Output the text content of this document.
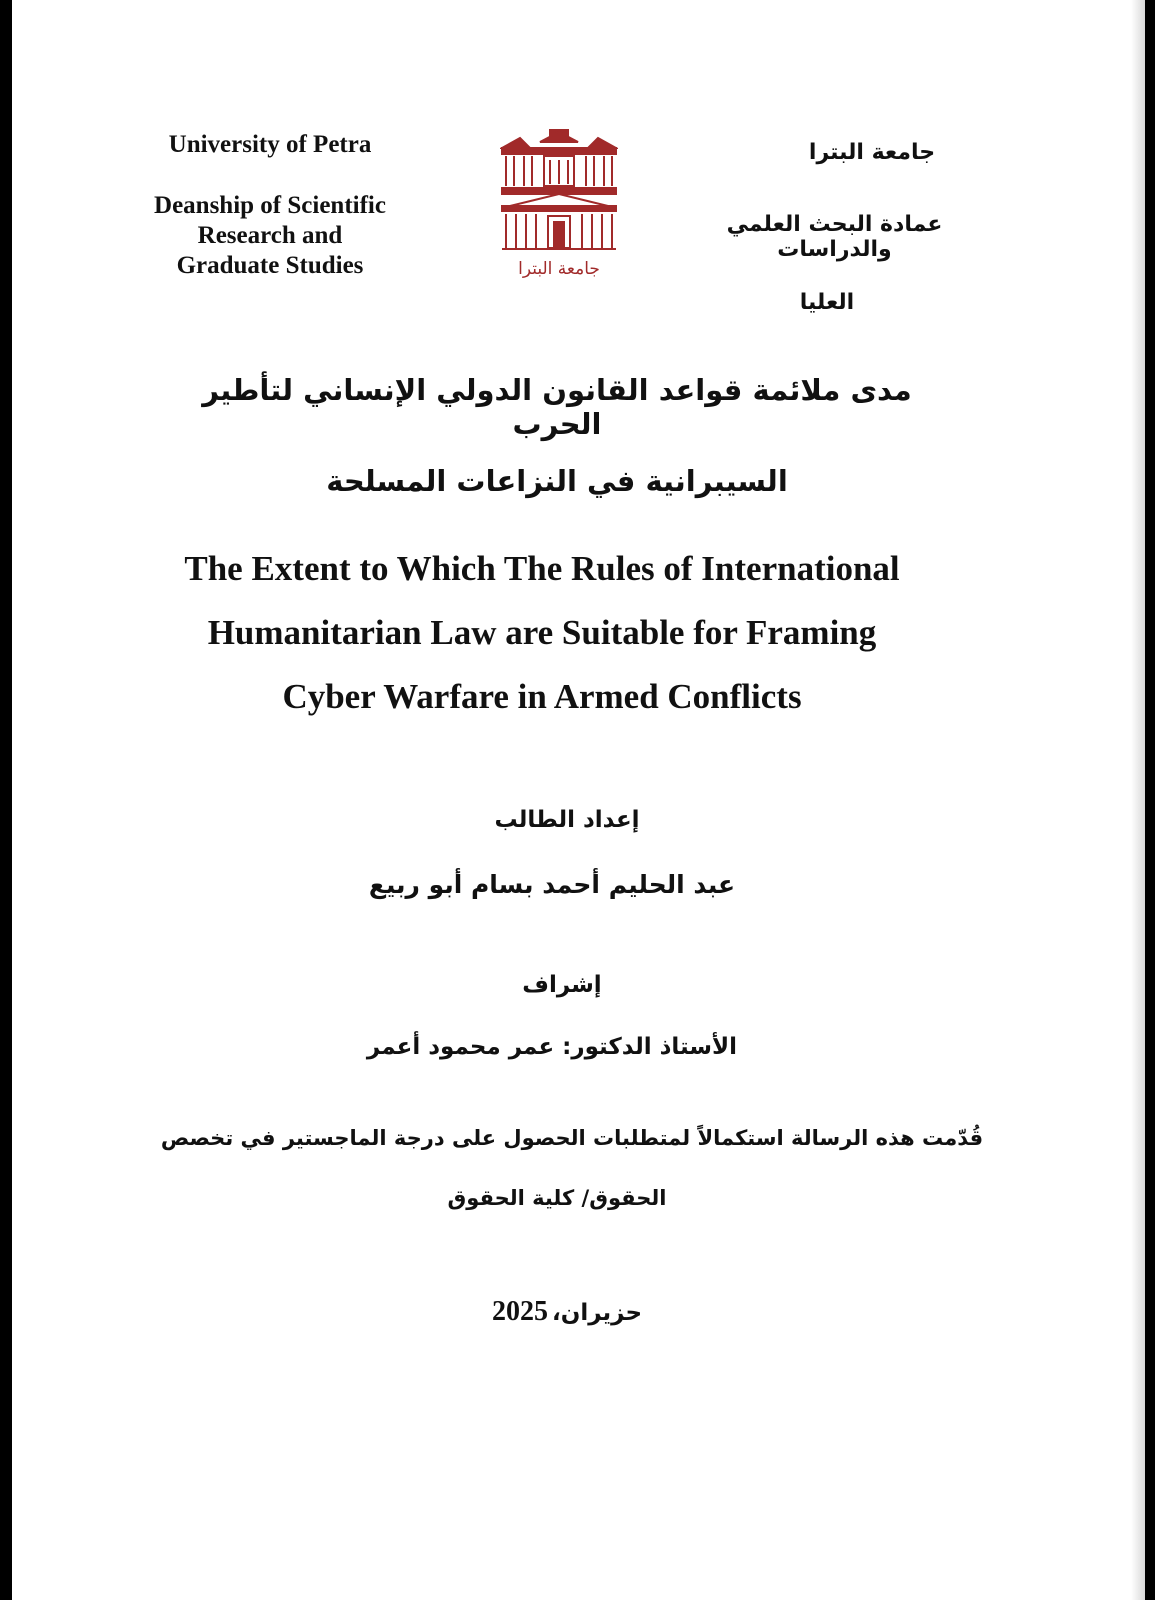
University of Petra
Deanship of Scientific
Research and
Graduate Studies	جامعة البترا
جامعة البترا
عمادة البحث العلمي والدراسات
العليا
مدى ملائمة قواعد القانون الدولي الإنساني لتأطير الحرب
السيبرانية في النزاعات المسلحة
The Extent to Which The Rules of International
Humanitarian Law are Suitable for Framing
Cyber Warfare in Armed Conflicts
إعداد الطالب
عبد الحليم أحمد بسام أبو ربيع
إشراف
الأستاذ الدكتور: عمر محمود أعمر
قُدّمت هذه الرسالة استكمالاً لمتطلبات الحصول على درجة الماجستير في تخصص
الحقوق/ كلية الحقوق
حزيران، 2025
